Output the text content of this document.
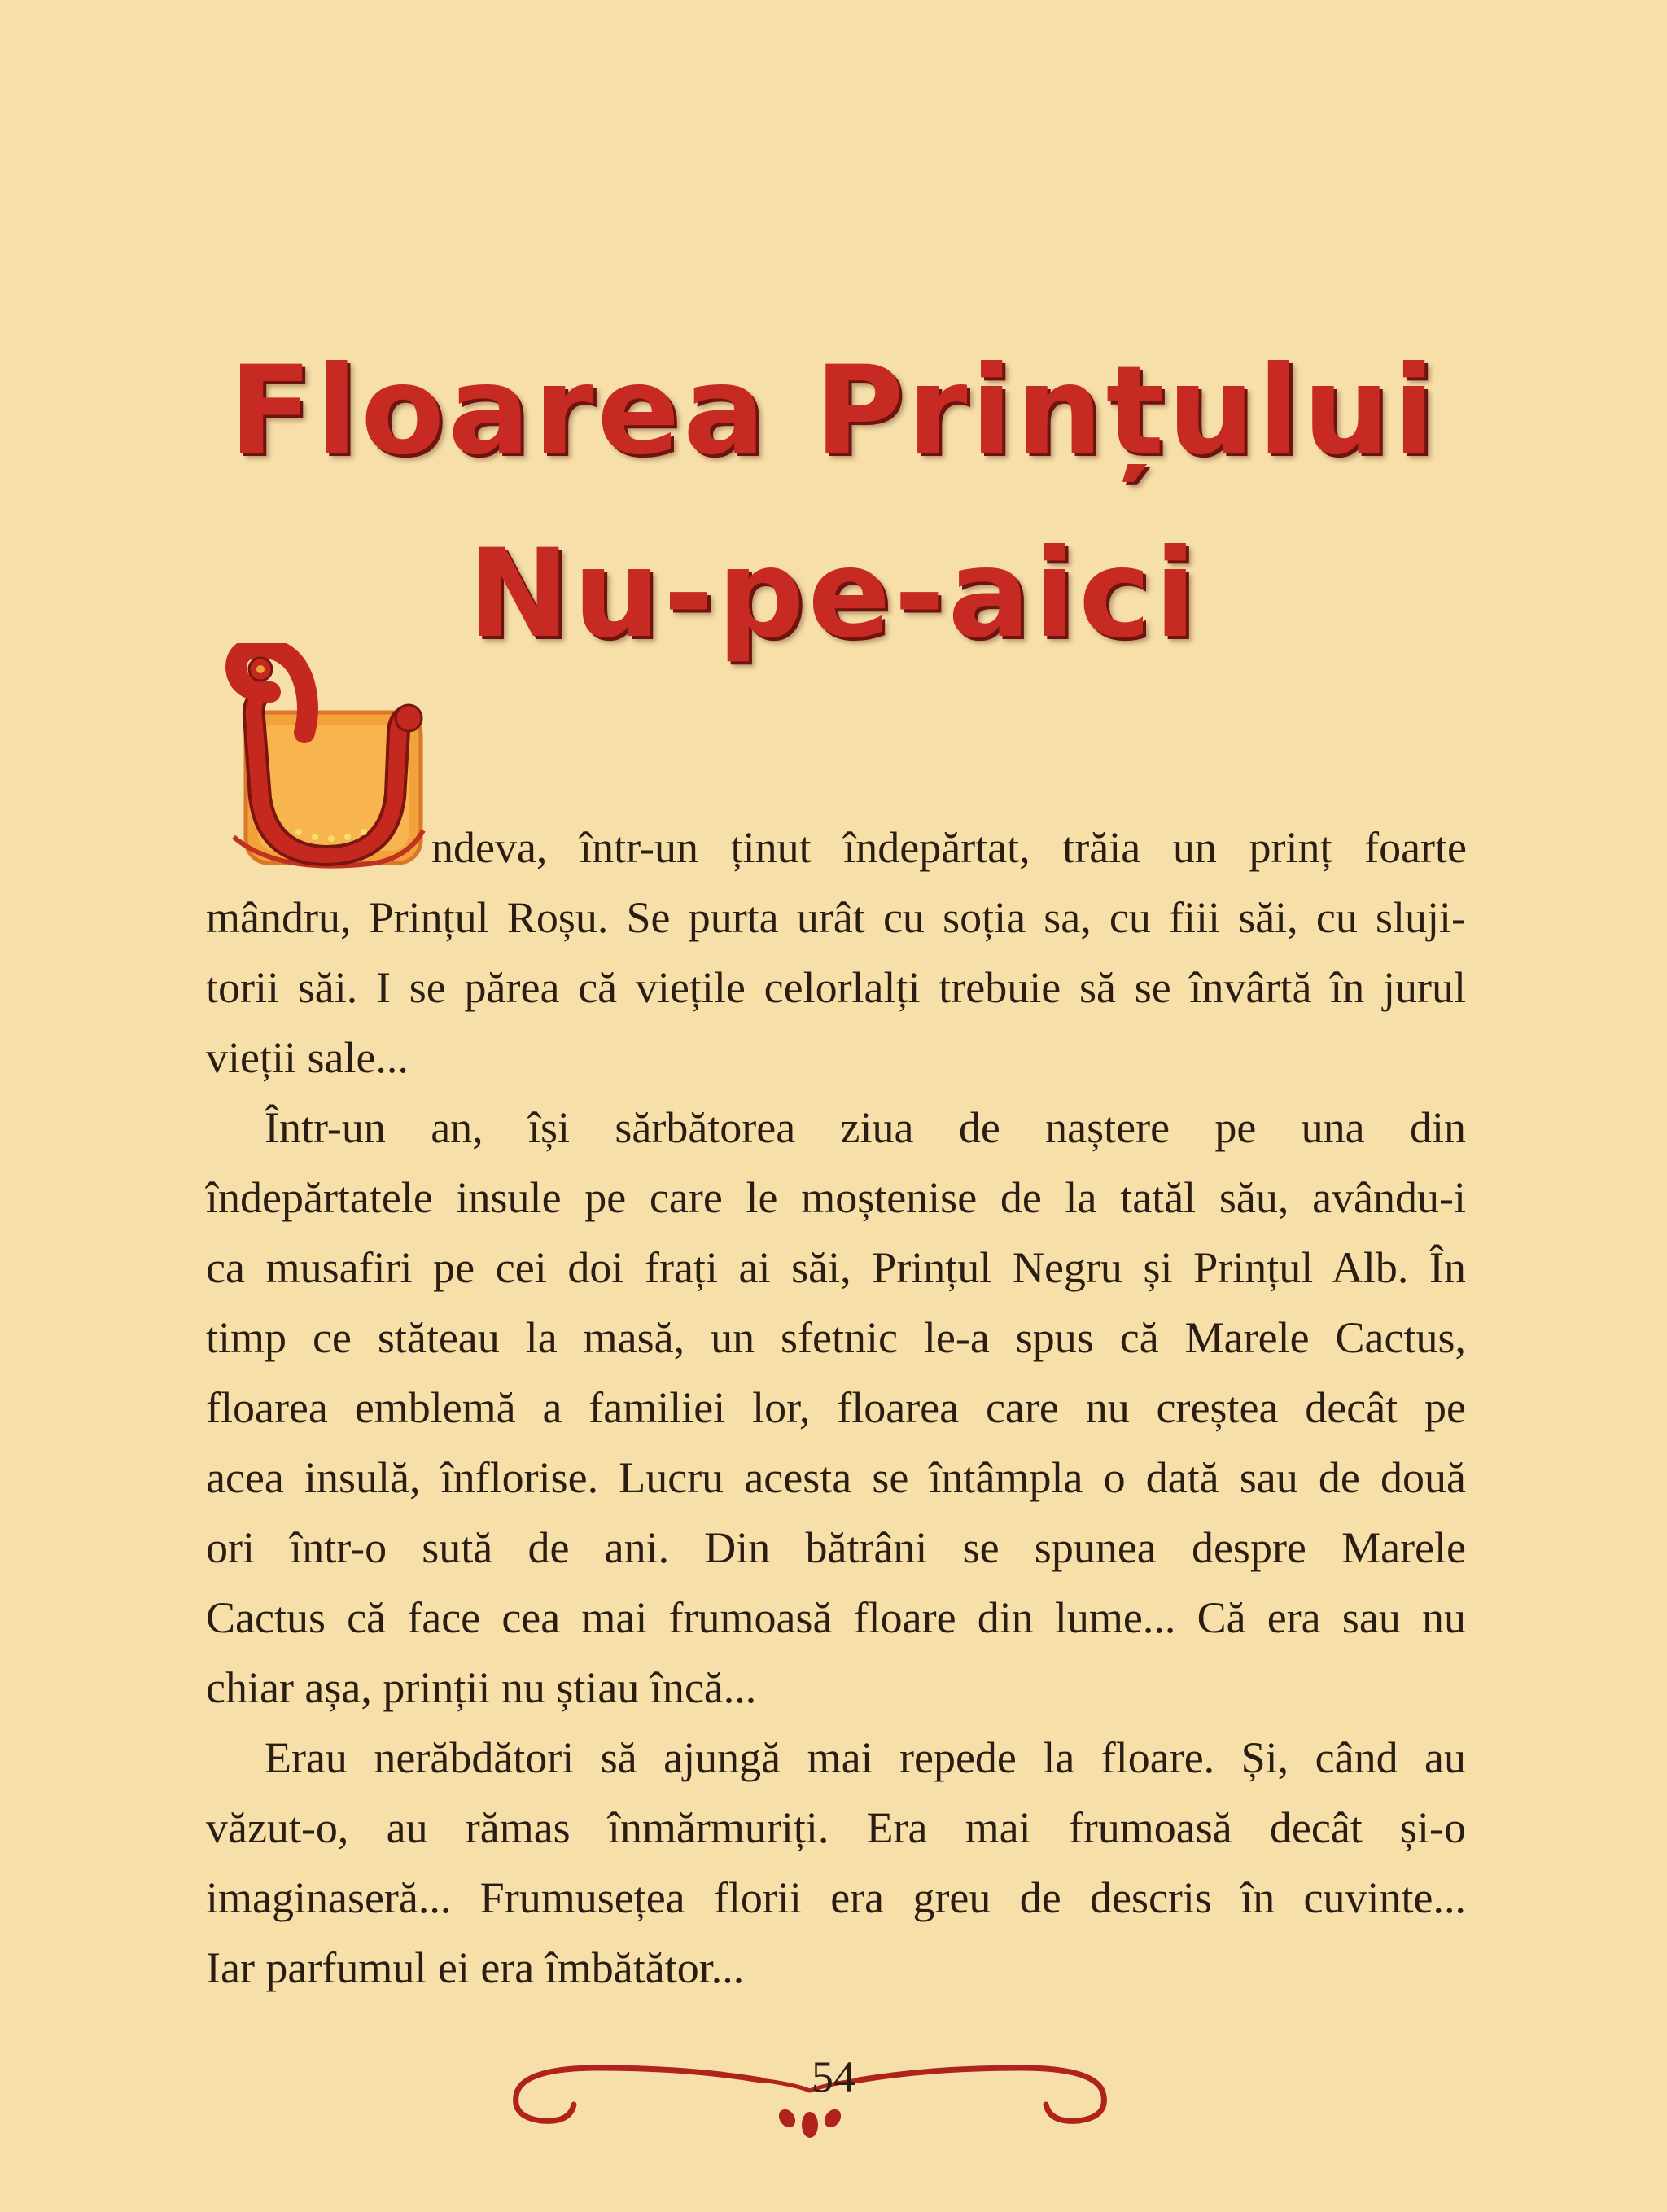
Floarea Prințului
Nu-pe-aici

ndeva, într-un ținut îndepărtat, trăia un prinț foarte

mândru, Prințul Roșu. Se purta urât cu soția sa, cu fiii săi, cu sluji-

torii săi. I se părea că viețile celorlalți trebuie să se învârtă în jurul

vieții sale...

Într-un an, își sărbătorea ziua de naștere pe una din

îndepărtatele insule pe care le moștenise de la tatăl său, avându-i

ca musafiri pe cei doi frați ai săi, Prințul Negru și Prințul Alb. În

timp ce stăteau la masă, un sfetnic le-a spus că Marele Cactus,

floarea emblemă a familiei lor, floarea care nu creștea decât pe

acea insulă, înflorise. Lucru acesta se întâmpla o dată sau de două

ori într-o sută de ani. Din bătrâni se spunea despre Marele

Cactus că face cea mai frumoasă floare din lume... Că era sau nu

chiar așa, prinții nu știau încă...

Erau nerăbdători să ajungă mai repede la floare. Și, când au

văzut-o, au rămas înmărmuriți. Era mai frumoasă decât și-o

imaginaseră... Frumusețea florii era greu de descris în cuvinte...

Iar parfumul ei era îmbătător...

54
